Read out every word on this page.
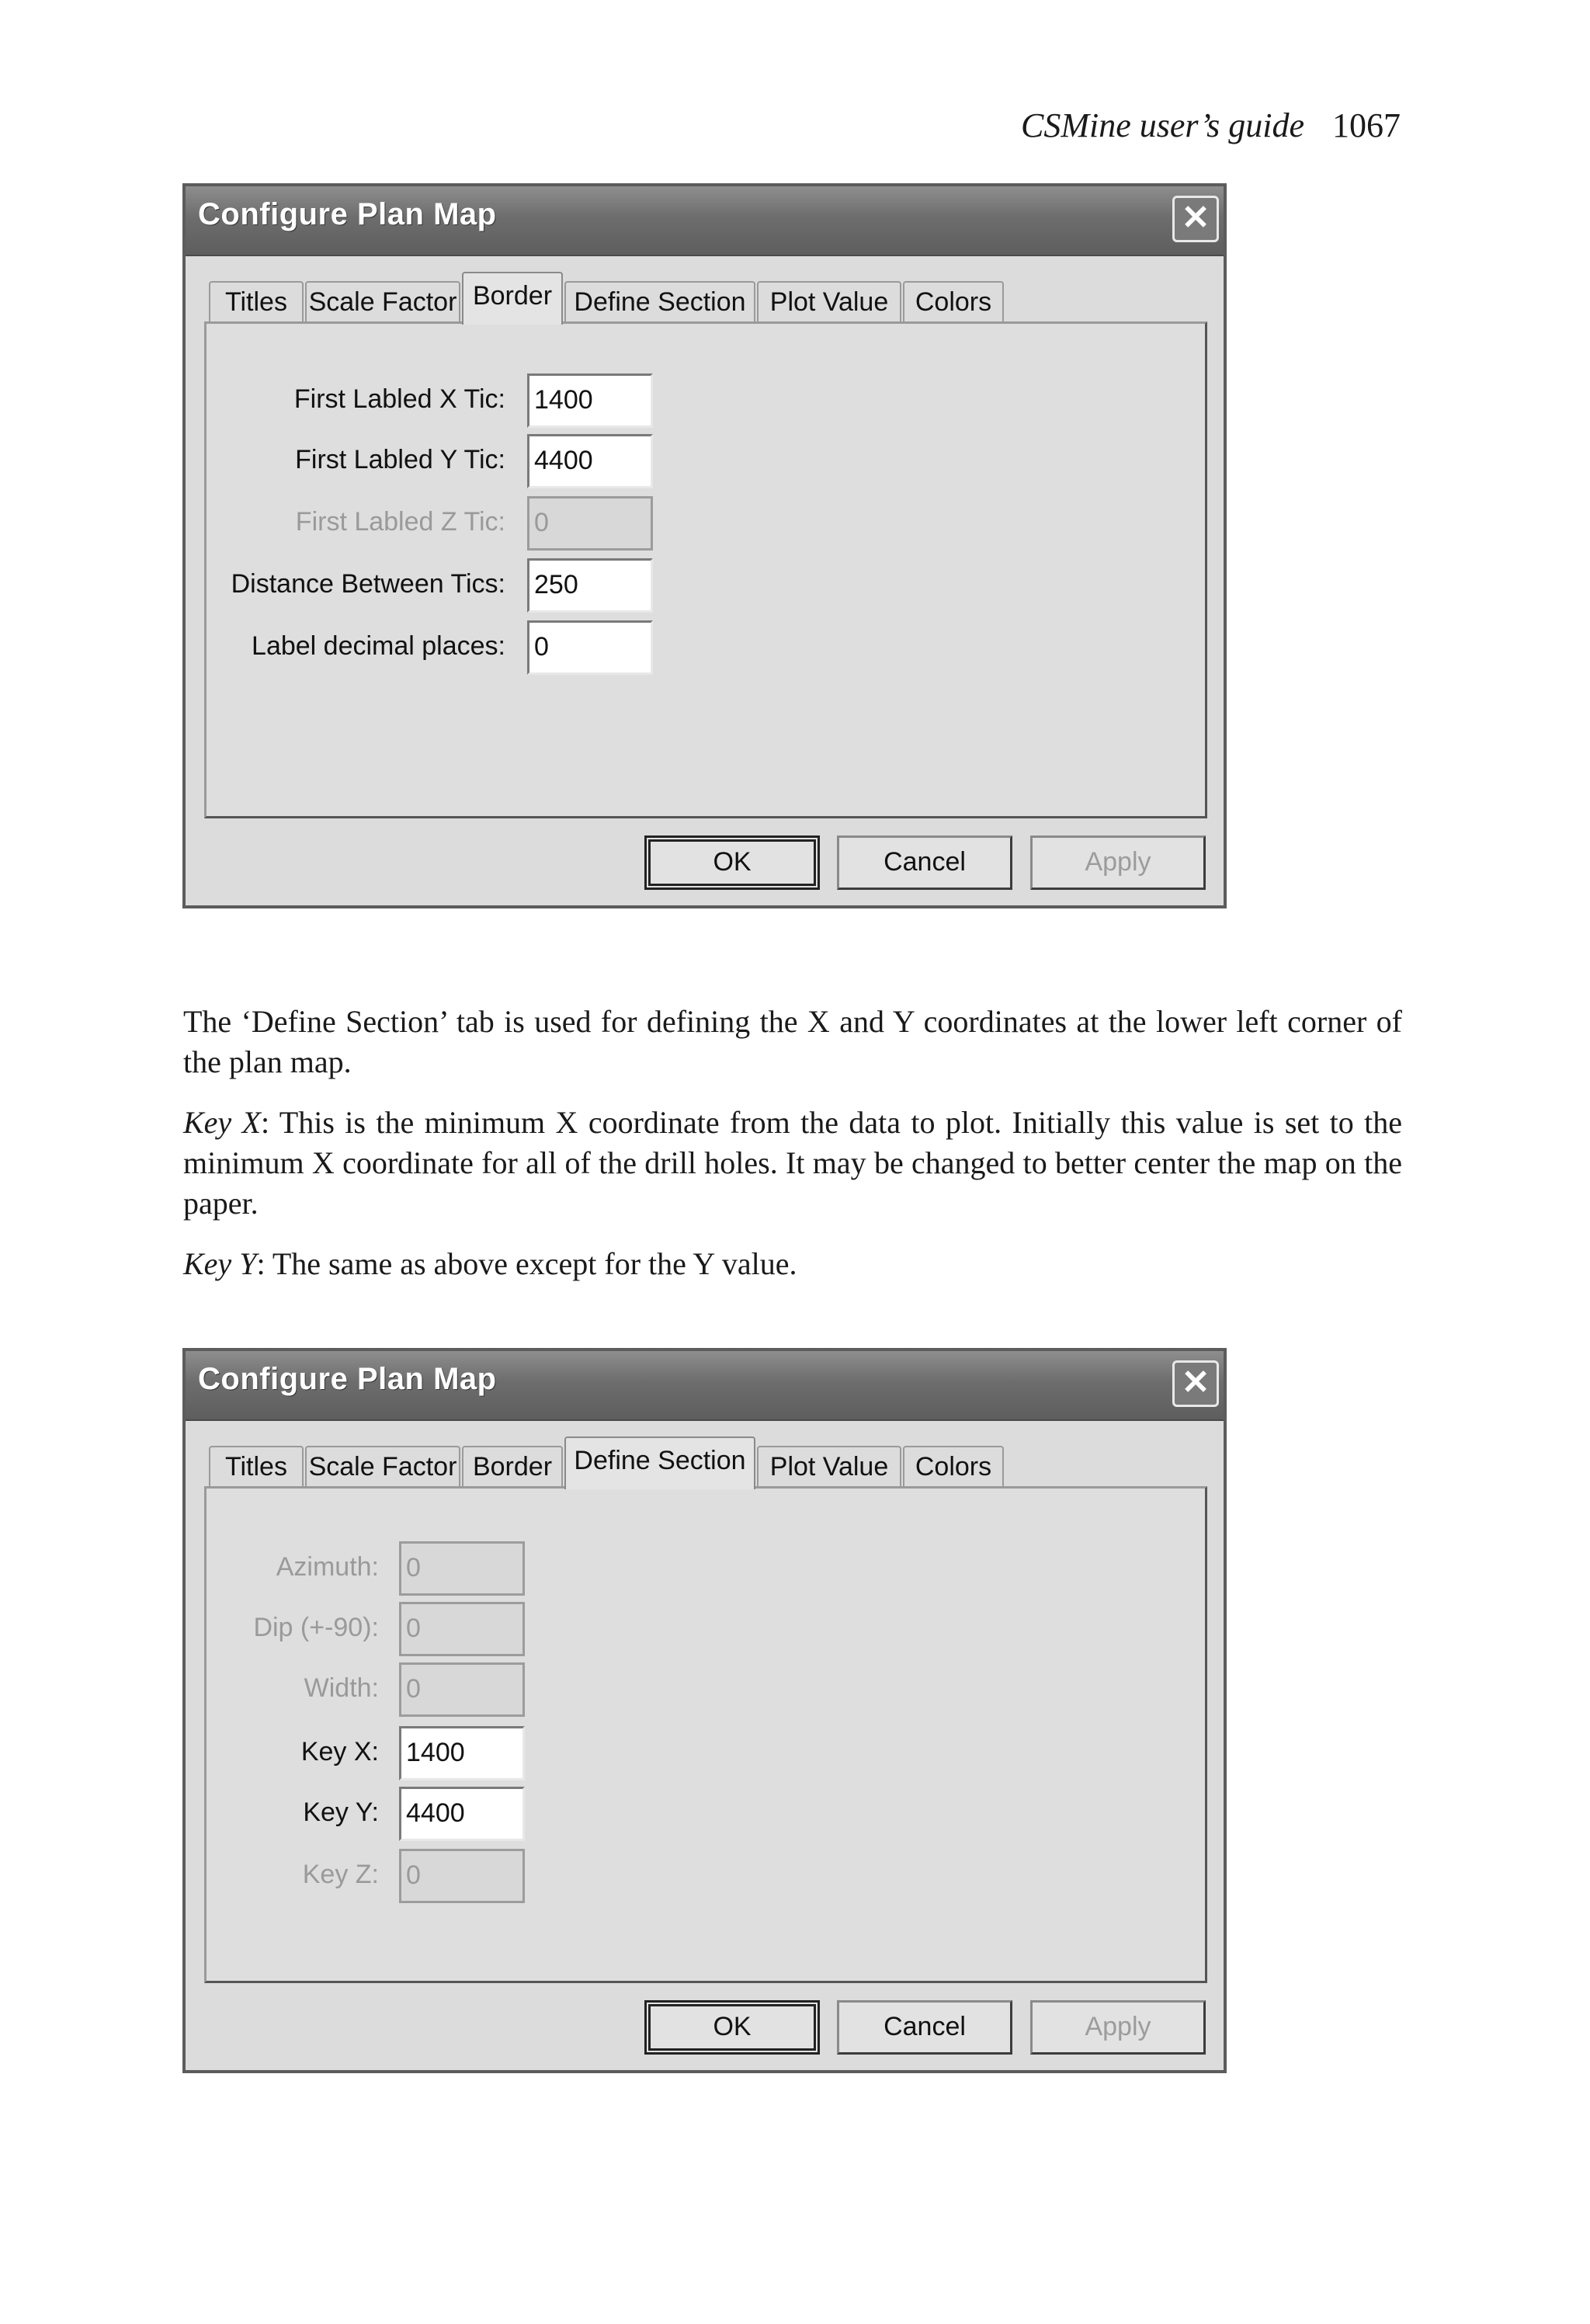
CSMine user’s guide 1067
Configure Plan Map	✕
Titles Scale Factor Border Define Section Plot Value	Colors
First Labled X Tic: 1400
First Labled Y Tic: 4400
First Labled Z Tic: 0
Distance Between Tics: 250
Label decimal places: 0
OK	Cancel	Apply

The ‘Define Section’ tab is used for defining the X and Y coordinates at the lower left corner of the plan map.

Key X: This is the minimum X coordinate from the data to plot. Initially this value is set to the minimum X coordinate for all of the drill holes. It may be changed to better center the map on the paper.

Key Y: The same as above except for the Y value.

Configure Plan Map	✕
Titles Scale Factor Border Define Section Plot Value	Colors
Azimuth: 0
Dip (+-90): 0
Width: 0
Key X: 1400
Key Y: 4400
Key Z: 0
OK	Cancel	Apply
